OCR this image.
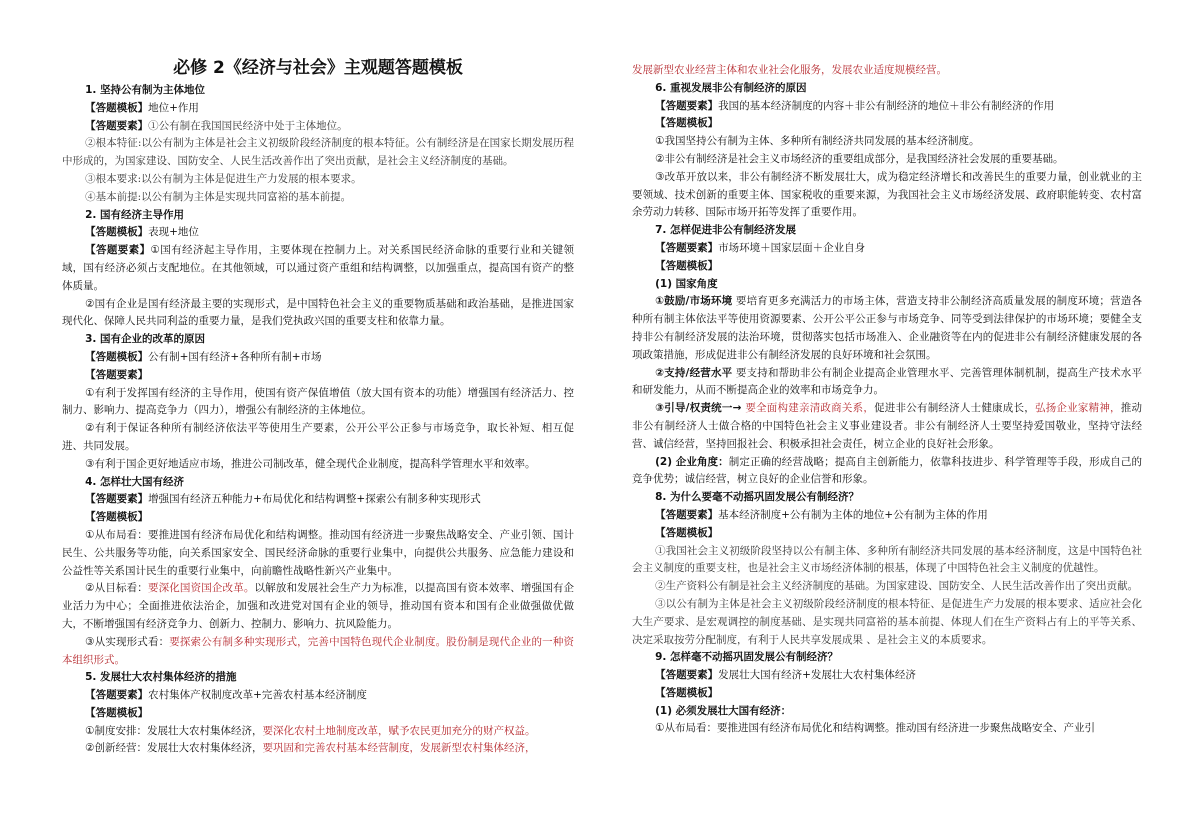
必修 2《经济与社会》主观题答题模板

1. 坚持公有制为主体地位

【答题模板】地位+作用

【答题要素】①公有制在我国国民经济中处于主体地位。

②根本特征:以公有制为主体是社会主义初级阶段经济制度的根本特征。公有制经济是在国家长期发展历程中形成的，为国家建设、国防安全、人民生活改善作出了突出贡献，是社会主义经济制度的基础。

③根本要求:以公有制为主体是促进生产力发展的根本要求。

④基本前提:以公有制为主体是实现共同富裕的基本前提。

2. 国有经济主导作用

【答题模板】表现+地位

【答题要素】①国有经济起主导作用，主要体现在控制力上。对关系国民经济命脉的重要行业和关键领域，国有经济必须占支配地位。在其他领域，可以通过资产重组和结构调整，以加强重点，提高国有资产的整体质量。

②国有企业是国有经济最主要的实现形式，是中国特色社会主义的重要物质基础和政治基础，是推进国家现代化、保障人民共同利益的重要力量，是我们党执政兴国的重要支柱和依靠力量。

3. 国有企业的改革的原因

【答题模板】公有制+国有经济+各种所有制+市场

【答题要素】

①有利于发挥国有经济的主导作用，使国有资产保值增值（放大国有资本的功能）增强国有经济活力、控制力、影响力、提高竞争力（四力），增强公有制经济的主体地位。

②有利于保证各种所有制经济依法平等使用生产要素，公开公平公正参与市场竞争，取长补短、相互促进、共同发展。

③有利于国企更好地适应市场，推进公司制改革，健全现代企业制度，提高科学管理水平和效率。

4. 怎样壮大国有经济

【答题要素】增强国有经济五种能力+布局优化和结构调整+探索公有制多种实现形式

【答题模板】

①从布局看：要推进国有经济布局优化和结构调整。推动国有经济进一步聚焦战略安全、产业引领、国计民生、公共服务等功能，向关系国家安全、国民经济命脉的重要行业集中，向提供公共服务、应急能力建设和公益性等关系国计民生的重要行业集中，向前瞻性战略性新兴产业集中。

②从目标看：要深化国资国企改革。以解放和发展社会生产力为标准，以提高国有资本效率、增强国有企业活力为中心；全面推进依法治企，加强和改进党对国有企业的领导，推动国有资本和国有企业做强做优做大，不断增强国有经济竞争力、创新力、控制力、影响力、抗风险能力。

③从实现形式看：要探索公有制多种实现形式，完善中国特色现代企业制度。股份制是现代企业的一种资本组织形式。

5. 发展壮大农村集体经济的措施

【答题要素】农村集体产权制度改革+完善农村基本经济制度

【答题模板】

①制度安排：发展壮大农村集体经济，要深化农村土地制度改革，赋予农民更加充分的财产权益。

②创新经营：发展壮大农村集体经济，要巩固和完善农村基本经营制度，发展新型农村集体经济，

发展新型农业经营主体和农业社会化服务，发展农业适度规模经营。

6. 重视发展非公有制经济的原因

【答题要素】我国的基本经济制度的内容＋非公有制经济的地位＋非公有制经济的作用

【答题模板】

①我国坚持公有制为主体、多种所有制经济共同发展的基本经济制度。

②非公有制经济是社会主义市场经济的重要组成部分，是我国经济社会发展的重要基础。

③改革开放以来，非公有制经济不断发展壮大，成为稳定经济增长和改善民生的重要力量，创业就业的主要领域、技术创新的重要主体、国家税收的重要来源，为我国社会主义市场经济发展、政府职能转变、农村富余劳动力转移、国际市场开拓等发挥了重要作用。

7. 怎样促进非公有制经济发展

【答题要素】市场环境＋国家层面＋企业自身

【答题模板】

(1) 国家角度

①鼓励/市场环境 要培育更多充满活力的市场主体，营造支持非公制经济高质量发展的制度环境；营造各种所有制主体依法平等使用资源要素、公开公平公正参与市场竞争、同等受到法律保护的市场环境；要健全支持非公有制经济发展的法治环境，贯彻落实包括市场准入、企业融资等在内的促进非公有制经济健康发展的各项政策措施，形成促进非公有制经济发展的良好环境和社会氛围。

②支持/经营水平 要支持和帮助非公有制企业提高企业管理水平、完善管理体制机制，提高生产技术水平和研发能力，从而不断提高企业的效率和市场竞争力。

③引导/权责统一→ 要全面构建亲清政商关系，促进非公有制经济人士健康成长，弘扬企业家精神，推动非公有制经济人士做合格的中国特色社会主义事业建设者。非公有制经济人士要坚持爱国敬业，坚持守法经营、诚信经营，坚持回报社会、积极承担社会责任，树立企业的良好社会形象。

(2) 企业角度：制定正确的经营战略；提高自主创新能力，依靠科技进步、科学管理等手段，形成自己的竞争优势；诚信经营，树立良好的企业信誉和形象。

8. 为什么要毫不动摇巩固发展公有制经济？

【答题要素】基本经济制度+公有制为主体的地位+公有制为主体的作用

【答题模板】

①我国社会主义初级阶段坚持以公有制主体、多种所有制经济共同发展的基本经济制度，这是中国特色社会主义制度的重要支柱，也是社会主义市场经济体制的根基，体现了中国特色社会主义制度的优越性。

②生产资料公有制是社会主义经济制度的基础。为国家建设、国防安全、人民生活改善作出了突出贡献。

③以公有制为主体是社会主义初级阶段经济制度的根本特征、是促进生产力发展的根本要求、适应社会化大生产要求、是宏观调控的制度基础、是实现共同富裕的基本前提、体现人们在生产资料占有上的平等关系、决定采取按劳分配制度，有利于人民共享发展成果 、是社会主义的本质要求。

9. 怎样毫不动摇巩固发展公有制经济？

【答题要素】发展壮大国有经济+发展壮大农村集体经济

【答题模板】

(1) 必须发展壮大国有经济：

①从布局看：要推进国有经济布局优化和结构调整。推动国有经济进一步聚焦战略安全、产业引
